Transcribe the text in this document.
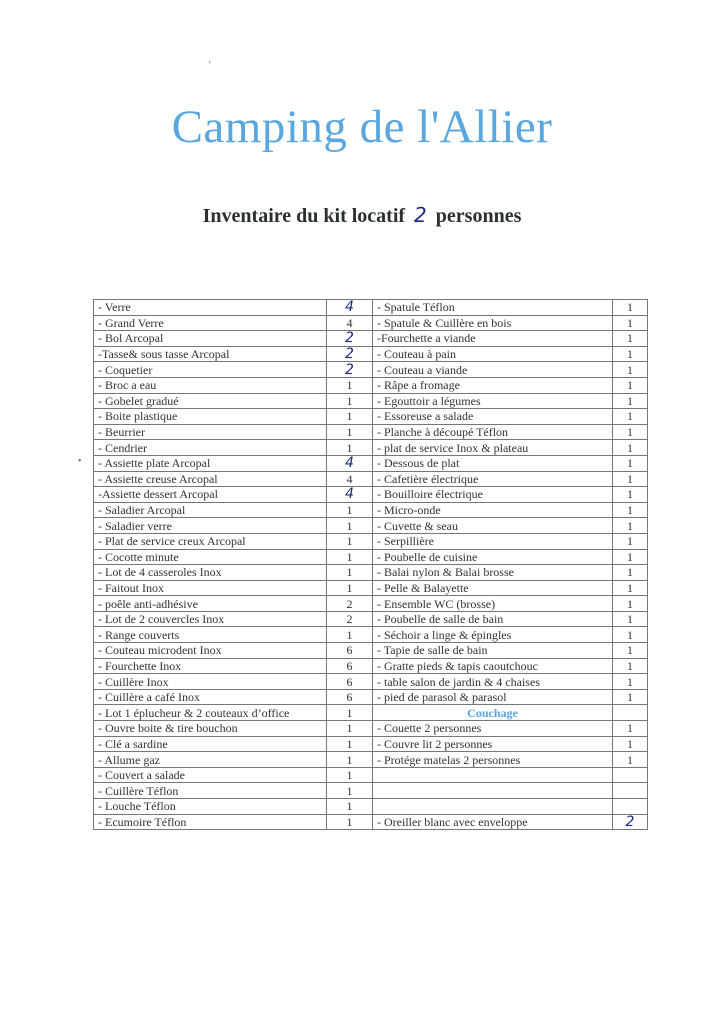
Camping de l'Allier
Inventaire du kit locatif 2 personnes
- Verre	4	- Spatule Téflon	1
- Grand Verre	4	- Spatule & Cuillère en bois	1
- Bol Arcopal	2	-Fourchette a viande	1
-Tasse& sous tasse Arcopal	2	- Couteau à pain	1
- Coquetier	2	- Couteau a viande	1
- Broc a eau	1	- Râpe a fromage	1
- Gobelet gradué	1	- Egouttoir a légumes	1
- Boite plastique	1	- Essoreuse a salade	1
- Beurrier	1	- Planche à découpé Téflon	1
- Cendrier	1	- plat de service Inox & plateau	1
- Assiette plate Arcopal	4	- Dessous de plat	1
- Assiette creuse Arcopal	4	- Cafetière électrique	1
-Assiette dessert Arcopal	4	- Bouilloire électrique	1
- Saladier Arcopal	1	- Micro-onde	1
- Saladier verre	1	- Cuvette & seau	1
- Plat de service creux Arcopal	1	- Serpillière	1
- Cocotte minute	1	- Poubelle de cuisine	1
- Lot de 4 casseroles Inox	1	- Balai nylon & Balai brosse	1
- Faitout Inox	1	- Pelle & Balayette	1
- poêle anti-adhésive	2	- Ensemble WC (brosse)	1
- Lot de 2 couvercles Inox	2	- Poubelle de salle de bain	1
- Range couverts	1	- Séchoir a linge & épingles	1
- Couteau microdent Inox	6	- Tapie de salle de bain	1
- Fourchette Inox	6	- Gratte pieds & tapis caoutchouc	1
- Cuillère Inox	6	- table salon de jardin & 4 chaises	1
- Cuillère a café Inox	6	- pied de parasol & parasol	1
- Lot 1 éplucheur & 2 couteaux d’office	1	Couchage	
- Ouvre boite & tire bouchon	1	- Couette 2 personnes	1
- Clé a sardine	1	- Couvre lit 2 personnes	1
- Allume gaz	1	- Protége matelas 2 personnes	1
- Couvert a salade	1		
- Cuillère Téflon	1		
- Louche Téflon	1		
- Ecumoire Téflon	1	- Oreiller blanc avec enveloppe	2
ʼ
•
